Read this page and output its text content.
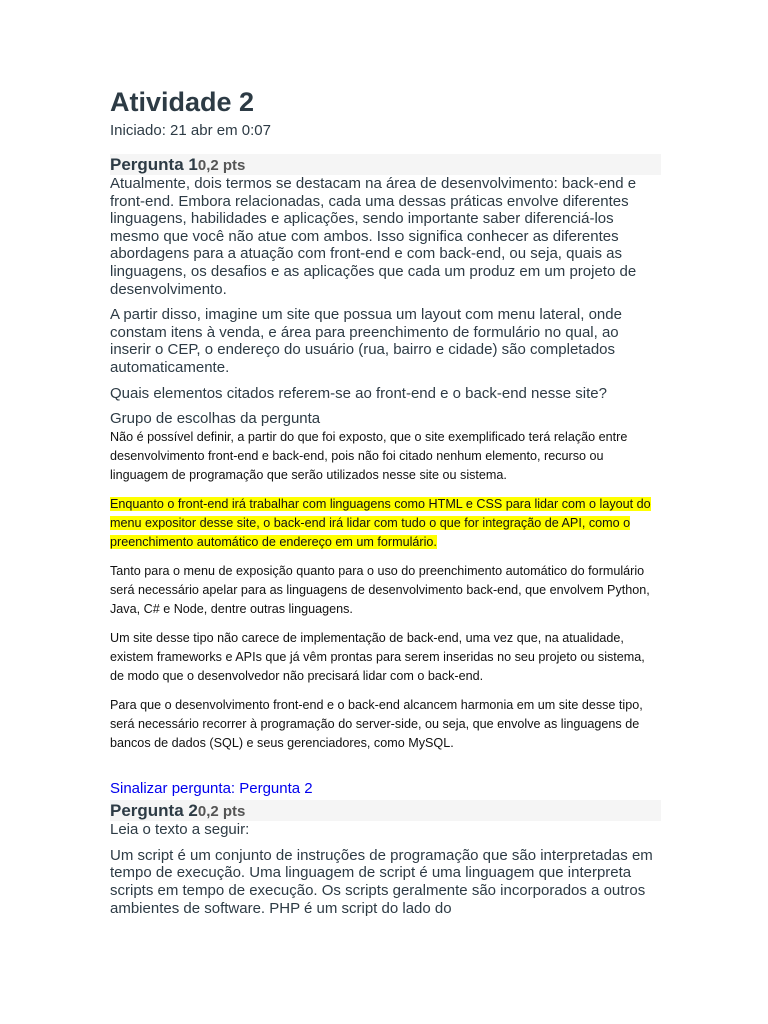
Atividade 2
Iniciado: 21 abr em 0:07
Pergunta 10,2 pts

Atualmente, dois termos se destacam na área de desenvolvimento: back-end e front-end. Embora relacionadas, cada uma dessas práticas envolve diferentes linguagens, habilidades e aplicações, sendo importante saber diferenciá-los mesmo que você não atue com ambos. Isso significa conhecer as diferentes abordagens para a atuação com front-end e com back-end, ou seja, quais as linguagens, os desafios e as aplicações que cada um produz em um projeto de desenvolvimento.

A partir disso, imagine um site que possua um layout com menu lateral, onde constam itens à venda, e área para preenchimento de formulário no qual, ao inserir o CEP, o endereço do usuário (rua, bairro e cidade) são completados automaticamente.

Quais elementos citados referem-se ao front-end e o back-end nesse site?

Grupo de escolhas da pergunta
Não é possível definir, a partir do que foi exposto, que o site exemplificado terá relação entre desenvolvimento front-end e back-end, pois não foi citado nenhum elemento, recurso ou linguagem de programação que serão utilizados nesse site ou sistema.
Enquanto o front-end irá trabalhar com linguagens como HTML e CSS para lidar com o layout do menu expositor desse site, o back-end irá lidar com tudo o que for integração de API, como o preenchimento automático de endereço em um formulário.
Tanto para o menu de exposição quanto para o uso do preenchimento automático do formulário será necessário apelar para as linguagens de desenvolvimento back-end, que envolvem Python, Java, C# e Node, dentre outras linguagens.
Um site desse tipo não carece de implementação de back-end, uma vez que, na atualidade, existem frameworks e APIs que já vêm prontas para serem inseridas no seu projeto ou sistema, de modo que o desenvolvedor não precisará lidar com o back-end.
Para que o desenvolvimento front-end e o back-end alcancem harmonia em um site desse tipo, será necessário recorrer à programação do server-side, ou seja, que envolve as linguagens de bancos de dados (SQL) e seus gerenciadores, como MySQL.
Sinalizar pergunta: Pergunta 2
Pergunta 20,2 pts

Leia o texto a seguir:

Um script é um conjunto de instruções de programação que são interpretadas em tempo de execução. Uma linguagem de script é uma linguagem que interpreta scripts em tempo de execução. Os scripts geralmente são incorporados a outros ambientes de software. PHP é um script do lado do
